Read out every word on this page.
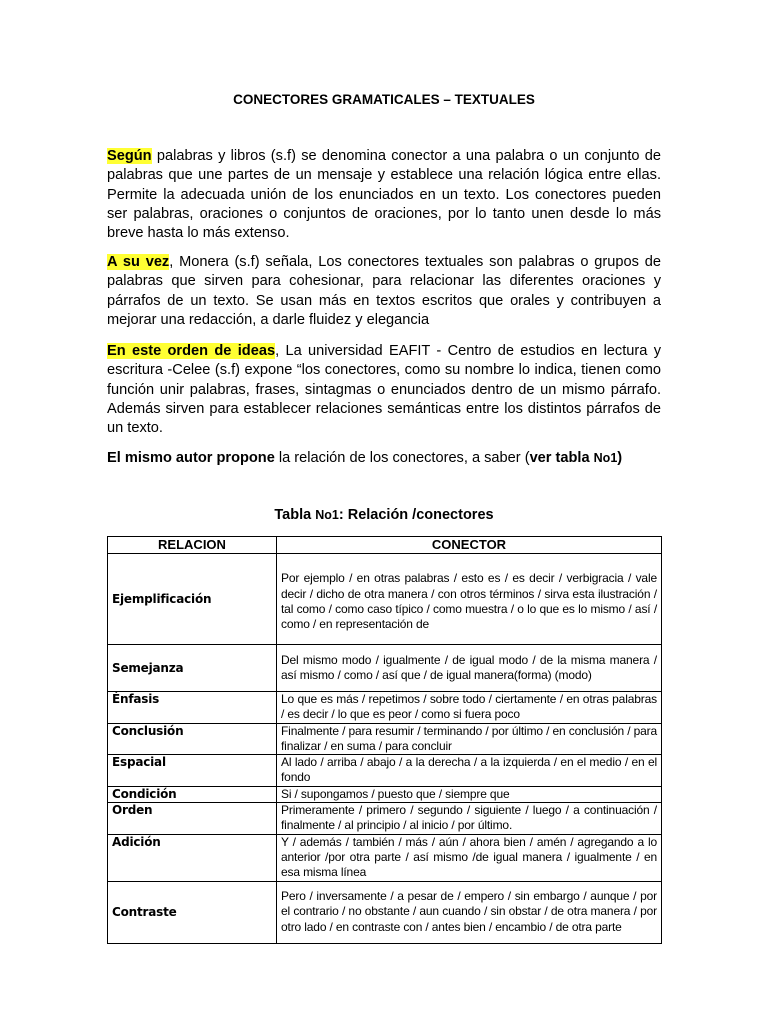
CONECTORES GRAMATICALES – TEXTUALES
Según palabras y libros (s.f) se denomina conector a una palabra o un conjunto de palabras que une partes de un mensaje y establece una relación lógica entre ellas. Permite la adecuada unión de los enunciados en un texto. Los conectores pueden ser palabras, oraciones o conjuntos de oraciones, por lo tanto unen desde lo más breve hasta lo más extenso.
A su vez, Monera (s.f) señala, Los conectores textuales son palabras o grupos de palabras que sirven para cohesionar, para relacionar las diferentes oraciones y párrafos de un texto. Se usan más en textos escritos que orales y contribuyen a mejorar una redacción, a darle fluidez y elegancia
En este orden de ideas, La universidad EAFIT - Centro de estudios en lectura y escritura -Celee (s.f) expone “los conectores, como su nombre lo indica, tienen como función unir palabras, frases, sintagmas o enunciados dentro de un mismo párrafo. Además sirven para establecer relaciones semánticas entre los distintos párrafos de un texto.
El mismo autor propone la relación de los conectores, a saber (ver tabla No1)
Tabla No1: Relación /conectores
RELACION	CONECTOR
Ejemplificación	Por ejemplo / en otras palabras / esto es / es decir / verbigracia / vale decir / dicho de otra manera / con otros términos / sirva esta ilustración / tal como / como caso típico / como muestra / o lo que es lo mismo / así / como / en representación de
Semejanza	Del mismo modo / igualmente / de igual modo / de la misma manera / así mismo / como / así que / de igual manera(forma) (modo)
Énfasis	Lo que es más / repetimos / sobre todo / ciertamente / en otras palabras / es decir / lo que es peor / como si fuera poco
Conclusión	Finalmente / para resumir / terminando / por último / en conclusión / para finalizar / en suma / para concluir
Espacial	Al lado / arriba / abajo / a la derecha / a la izquierda / en el medio / en el fondo
Condición	Si / supongamos / puesto que / siempre que
Orden	Primeramente / primero / segundo / siguiente / luego / a continuación / finalmente / al principio / al inicio / por último.
Adición	Y / además / también / más / aún / ahora bien / amén / agregando a lo anterior /por otra parte / así mismo /de igual manera / igualmente / en esa misma línea
Contraste	Pero / inversamente / a pesar de / empero / sin embargo / aunque / por el contrario / no obstante / aun cuando / sin obstar / de otra manera / por otro lado / en contraste con / antes bien / encambio / de otra parte
